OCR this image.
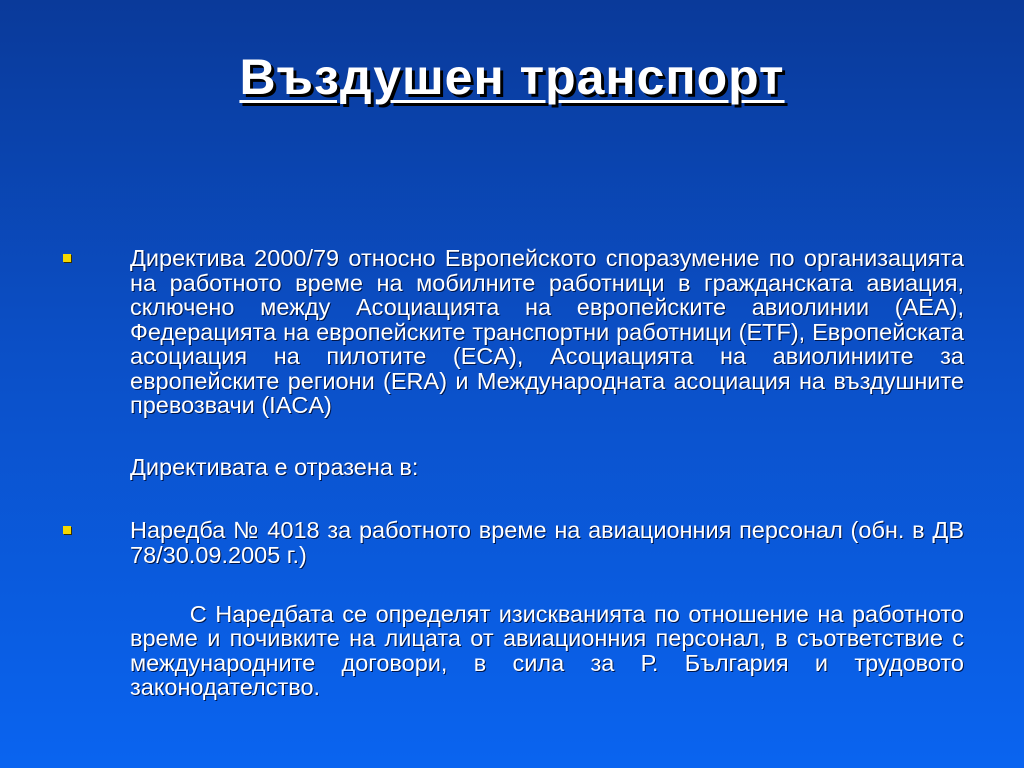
Въздушен транспорт
Директива 2000/79 относно Европейското споразумение по организацията на работното време на мобилните работници в гражданската авиация, сключено между Асоциацията на европейските авиолинии (AEA), Федерацията на европейските транспортни работници (ETF), Европейската асоциация на пилотите (ECA), Асоциацията на авиолиниите за европейските региони (ERA) и Международната асоциация на въздушните превозвачи (IACA)
Директивата е отразена в:
Наредба № 4018 за работното време на авиационния персонал (обн. в ДВ 78/30.09.2005 г.)

С Наредбата се определят изискванията по отношение на работното време и почивките на лицата от авиационния персонал, в съответствие с международните договори, в сила за Р. България и трудовото законодателство.
